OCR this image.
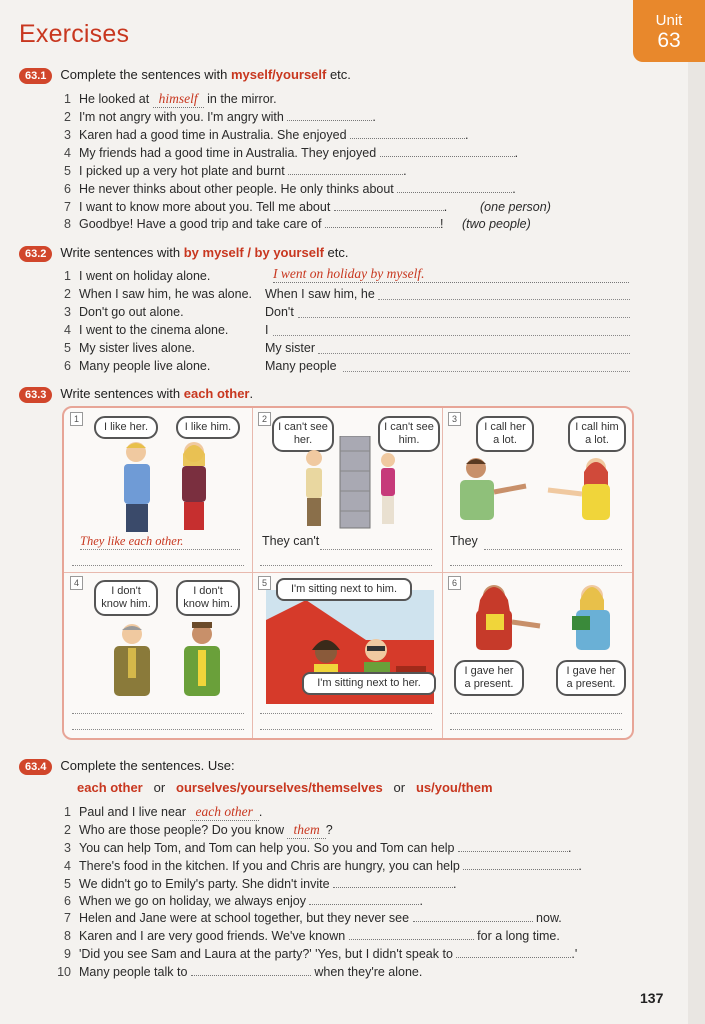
Exercises	Unit
63
63.1 Complete the sentences with myself/yourself etc.
1 He looked at himself in the mirror.
2 I'm not angry with you. I'm angry with	.
3 Karen had a good time in Australia. She enjoyed	.
4 My friends had a good time in Australia. They enjoyed	.
5 I picked up a very hot plate and burnt	.
6 He never thinks about other people. He only thinks about	.
7 I want to know more about you. Tell me about	.	(one person)
8 Goodbye! Have a good trip and take care of	! (two people)
63.2 Write sentences with by myself / by yourself etc.
1 I went on holiday alone.	I went on holiday by myself.
2 When I saw him, he was alone. When I saw him, he
3 Don't go out alone.	Don't
4 I went to the cinema alone.	I
5 My sister lives alone.	My sister
6 Many people live alone.	Many people
63.3 Write sentences with each other.
1
I like her.	I like him.
They like each other.
2
I can't see her.
I can't see him.
They can't
3
I call her a lot.
I call him a lot.
They
4
I don't know him.
I don't know him.
5	I'm sitting next to him.
I'm sitting next to her.
6
I gave her a present.
I gave her a present.
63.4 Complete the sentences. Use:
each other or ourselves/yourselves/themselves or us/you/them
1 Paul and I live near each other .
2 Who are those people? Do you know them ?
3 You can help Tom, and Tom can help you. So you and Tom can help	.
4 There's food in the kitchen. If you and Chris are hungry, you can help	.
5 We didn't go to Emily's party. She didn't invite	.
6 When we go on holiday, we always enjoy	.
7 Helen and Jane were at school together, but they never see	now.
8 Karen and I are very good friends. We've known	for a long time.
9 'Did you see Sam and Laura at the party?' 'Yes, but I didn't speak to	.'
10 Many people talk to	when they're alone.
137
